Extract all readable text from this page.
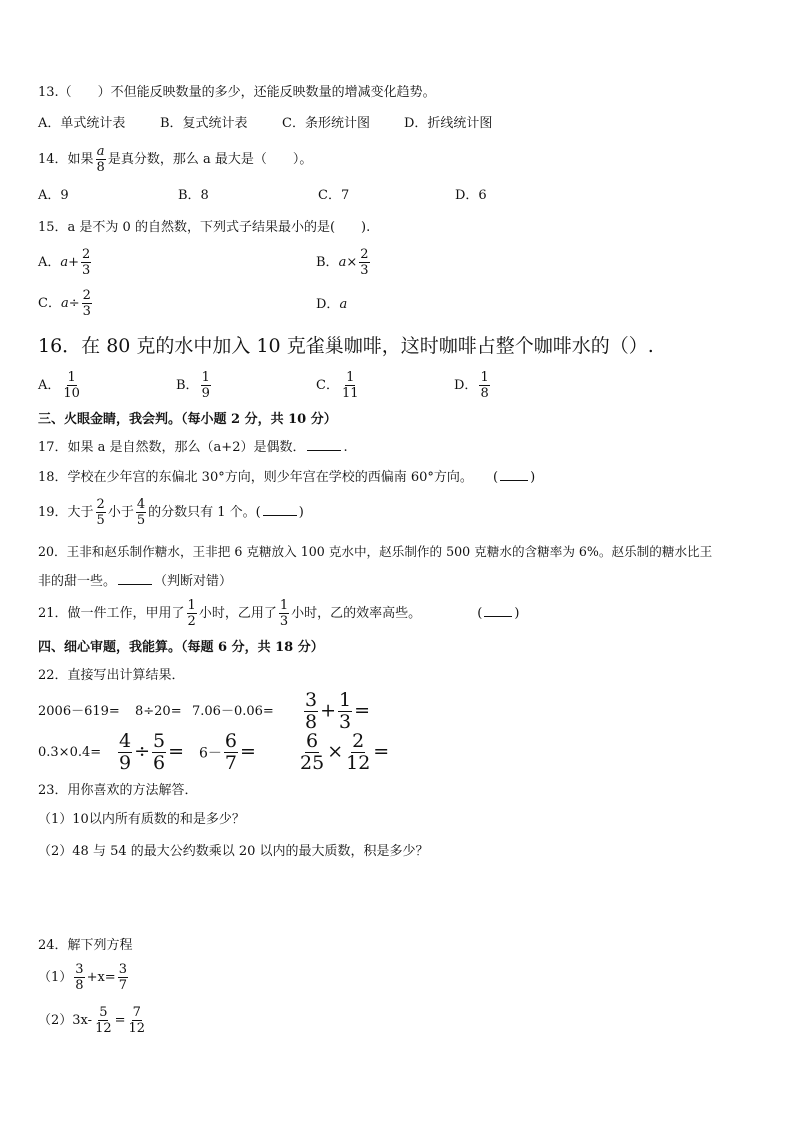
13.（　　）不但能反映数量的多少，还能反映数量的增减变化趋势。
A．单式统计表	B．复式统计表	C．条形统计图	D．折线统计图
14．如果 $\frac{a}{8}$ 是真分数，那么 a 最大是（　　）。
A．9	B．8	C．7	D．6
15．a 是不为 0 的自然数，下列式子结果最小的是(　　).
A．$a+ \frac{2}{3}$	B．$a\times \frac{2}{3}$
C．$a\div \frac{2}{3}$	D．a
16．在 80 克的水中加入 10 克雀巢咖啡，这时咖啡占整个咖啡水的（）.
A． $\frac{1}{10}$	B． $\frac{1}{9}$	C． $\frac{1}{11}$	D． $\frac{1}{8}$
三、火眼金睛，我会判。（每小题 2 分，共 10 分）
17．如果 a 是自然数，那么（a+2）是偶数．	.
18．学校在少年宫的东偏北 30°方向，则少年宫在学校的西偏南 60°方向。 ( )
19．大于 $\frac{2}{5}$ 小于 $\frac{4}{5}$ 的分数只有 1 个。(	)
20．王非和赵乐制作糖水，王非把 6 克糖放入 100 克水中，赵乐制作的 500 克糖水的含糖率为 6%。赵乐制的糖水比王
非的甜一些。	（判断对错）
21．做一件工作，甲用了 $\frac{1}{2}$ 小时，乙用了 $\frac{1}{3}$ 小时，乙的效率高些。	( )
四、细心审题，我能算。（每题 6 分，共 18 分）
22．直接写出计算结果．
$2006-619= 8\div 20= 7.06-0.06= \frac{3}{8} + \frac{1}{3}$ =
$0.3\times 0.4= \frac{4}{9} \div \frac{5}{6} = 6- \frac{6}{7} = \frac{6}{25} \times \frac{2}{12}$ =
23．用你喜欢的方法解答．
（1）10以内所有质数的和是多少？
（2）48 与 54 的最大公约数乘以 20 以内的最大质数，积是多少？
24．解下列方程
$(1) \frac{3}{8} +x= \frac{3}{7}$
$(2)3x- \frac{5}{12} = \frac{7}{12}$
